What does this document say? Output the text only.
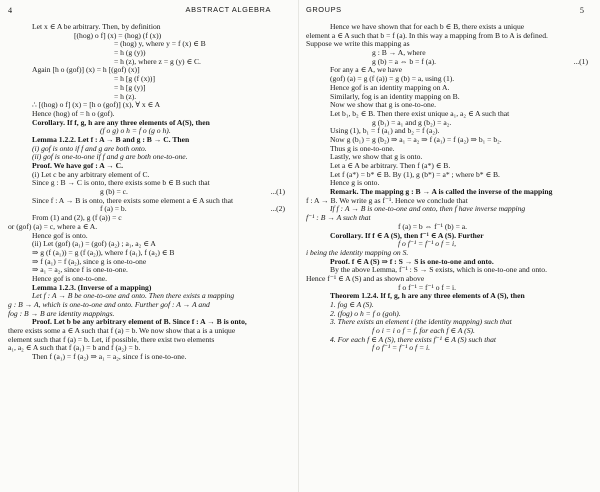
4	ABSTRACT ALGEBRA
Let x ∈ A be arbitrary. Then, by definition
[(hog) o f] (x) = (hog) (f (x))
= (hog) y, where y = f (x) ∈ B
= h (g (y))
= h (z), where z = g (y) ∈ C.
Again [h o (gof)] (x) = h [(gof) (x)]
= h [g (f (x))]
= h [g (y)]
= h (z).
∴ [(hog) o f] (x) = [h o (gof)] (x), ∀ x ∈ A
Hence (hog) of = h o (gof).
Corollary. If f, g, h are any three elements of A(S), then
(f o g) o h = f o (g o h).
Lemma 1.2.2. Let f : A → B and g : B → C. Then
(i) gof is onto if f and g are both onto.
(ii) gof is one-to-one if f and g are both one-to-one.
Proof. We have gof : A → C.
(i) Let c be any arbitrary element of C.
Since g : B → C is onto, there exists some b ∈ B such that
g (b) = c.	...(1)
Since f : A → B is onto, there exists some element a ∈ A such that
f (a) = b.	...(2)
From (1) and (2), g (f (a)) = c
or (gof) (a) = c, where a ∈ A.
Hence gof is onto.
(ii) Let (gof) (a₁) = (gof) (a₂) ; a₁, a₂ ∈ A
⇒ g (f (a₁)) = g (f (a₂)), where f (a₁), f (a₂) ∈ B
⇒ f (a₁) = f (a₂), since g is one-to-one
⇒ a₁ = a₂, since f is one-to-one.
Hence gof is one-to-one.
Lemma 1.2.3. (Inverse of a mapping)
Let f : A → B be one-to-one and onto. Then there exists a mapping
g : B → A, which is one-to-one and onto. Further gof : A → A and
fog : B → B are identity mappings.
Proof. Let b be any arbitrary element of B. Since f : A → B is onto,
there exists some a ∈ A such that f (a) = b. We now show that a is a unique
element such that f (a) = b. Let, if possible, there exist two elements
a₁, a₂ ∈ A such that f (a₁) = b and f (a₂) = b.
Then f (a₁) = f (a₂) ⇒ a₁ = a₂, since f is one-to-one.
GROUPS	5
Hence we have shown that for each b ∈ B, there exists a unique
element a ∈ A such that b = f (a). In this way a mapping from B to A is defined.
Suppose we write this mapping as
g : B → A, where
g (b) = a ⇔ b = f (a).	...(1)
For any a ∈ A, we have
(gof) (a) = g (f (a)) = g (b) = a, using (1).
Hence gof is an identity mapping on A.
Similarly, fog is an identity mapping on B.
Now we show that g is one-to-one.
Let b₁, b₂ ∈ B. Then there exist unique a₁, a₂ ∈ A such that
g (b₁) = a₁ and g (b₂) = a₂.
Using (1), b₁ = f (a₁) and b₂ = f (a₂).
Now g (b₁) = g (b₂) ⇒ a₁ = a₂ ⇒ f (a₁) = f (a₂) ⇒ b₁ = b₂.
Thus g is one-to-one.
Lastly, we show that g is onto.
Let a ∈ A be arbitrary. Then f (a*) ∈ B.
Let f (a*) = b* ∈ B. By (1), g (b*) = a* ; where b* ∈ B.
Hence g is onto.
Remark. The mapping g : B → A is called the inverse of the mapping
f : A → B. We write g as f⁻¹. Hence we conclude that
If f : A → B is one-to-one and onto, then f have inverse mapping
f⁻¹ : B → A such that
f (a) = b ⇔ f⁻¹ (b) = a.
Corollary. If f ∈ A (S), then f⁻¹ ∈ A (S). Further
f o f⁻¹ = f⁻¹ o f = i,
i being the identity mapping on S.
Proof. f ∈ A (S) ⇒ f : S → S is one-to-one and onto.
By the above Lemma, f⁻¹ : S → S exists, which is one-to-one and onto.
Hence f⁻¹ ∈ A (S) and as shown above
f o f⁻¹ = f⁻¹ o f = i.
Theorem 1.2.4. If f, g, h are any three elements of A (S), then
1. fog ∈ A (S).
2. (fog) o h = f o (goh).
3. There exists an element i (the identity mapping) such that
f o i = i o f = f, for each f ∈ A (S).
4. For each f ∈ A (S), there exists f⁻¹ ∈ A (S) such that
f o f⁻¹ = f⁻¹ o f = i.
